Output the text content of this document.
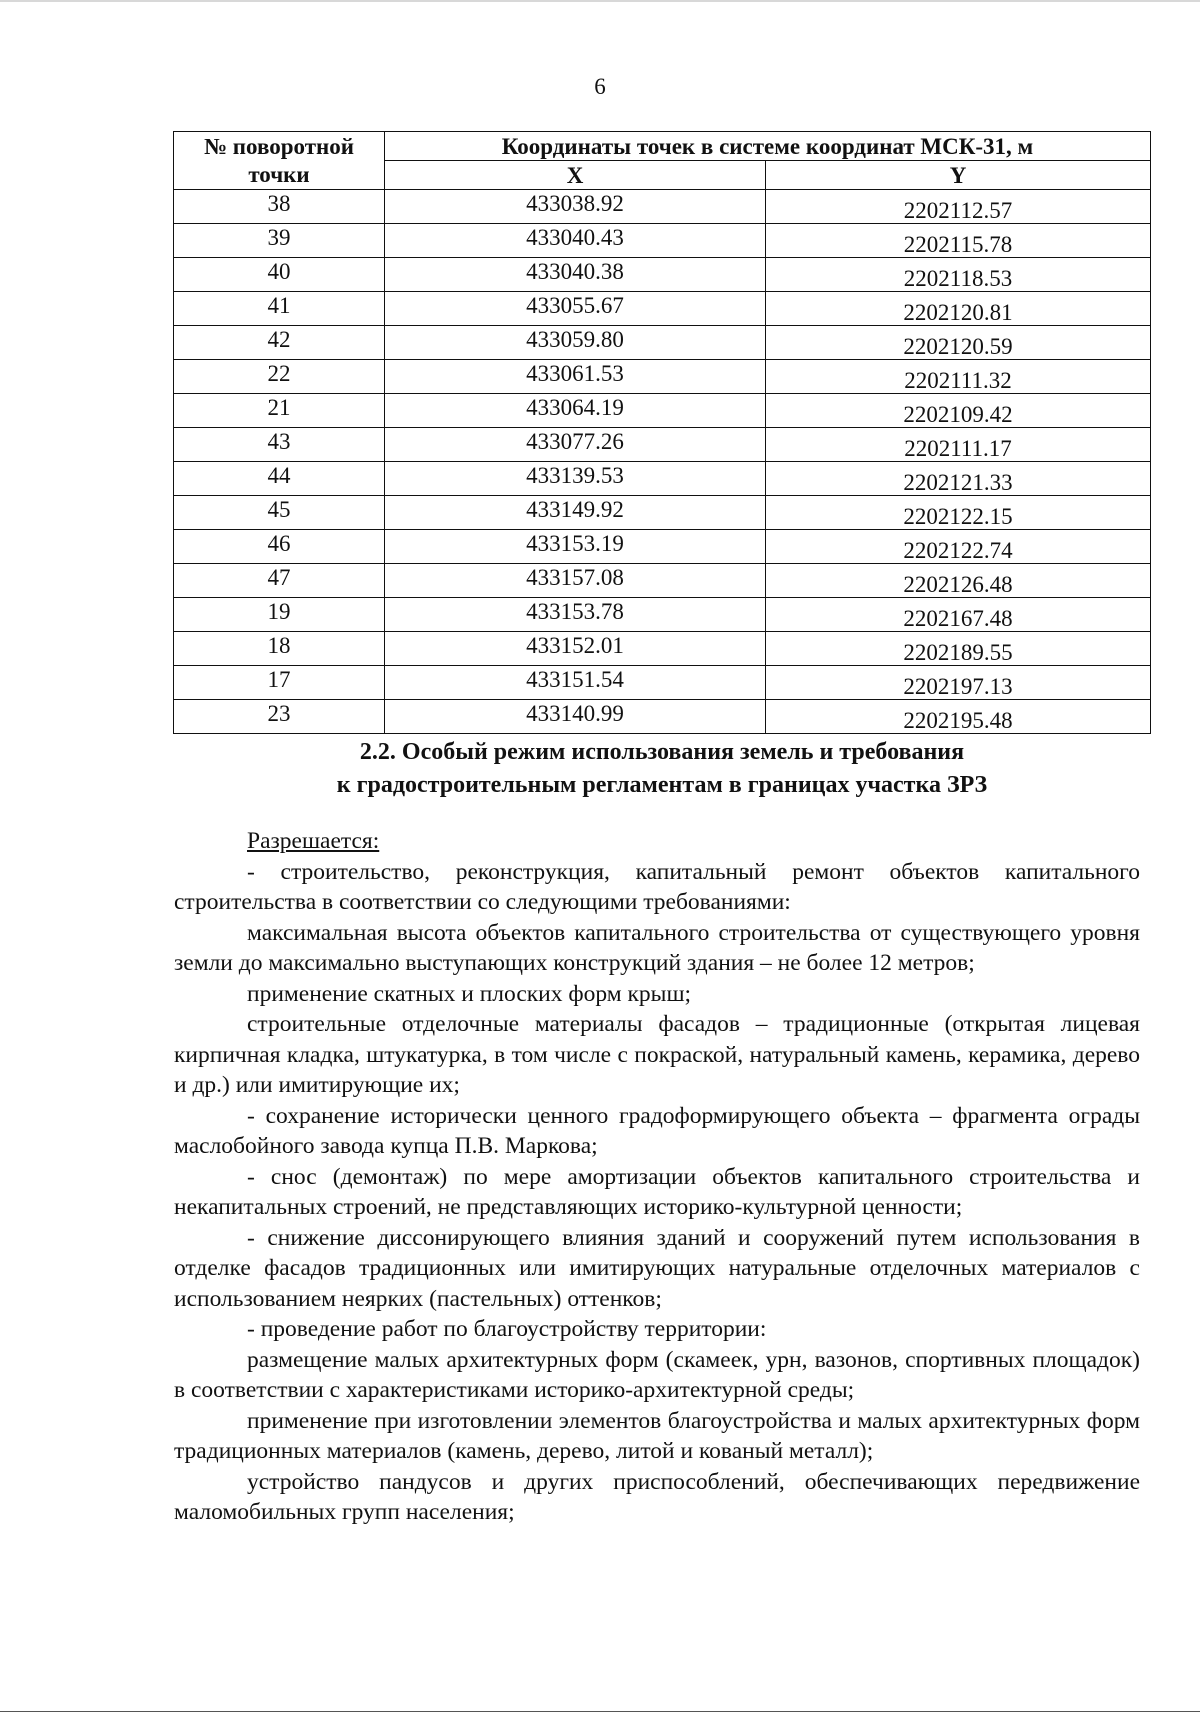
6
№ поворотной точки	Координаты точек в системе координат МСК-31, м	
	X	Y
38	433038.92	2202112.57
39	433040.43	2202115.78
40	433040.38	2202118.53
41	433055.67	2202120.81
42	433059.80	2202120.59
22	433061.53	2202111.32
21	433064.19	2202109.42
43	433077.26	2202111.17
44	433139.53	2202121.33
45	433149.92	2202122.15
46	433153.19	2202122.74
47	433157.08	2202126.48
19	433153.78	2202167.48
18	433152.01	2202189.55
17	433151.54	2202197.13
23	433140.99	2202195.48
2.2. Особый режим использования земель и требования
к градостроительным регламентам в границах участка ЗРЗ

Разрешается:

- строительство, реконструкция, капитальный ремонт объектов капитального строительства в соответствии со следующими требованиями:

максимальная высота объектов капитального строительства от существующего уровня земли до максимально выступающих конструкций здания – не более 12 метров;

применение скатных и плоских форм крыш;

строительные отделочные материалы фасадов – традиционные (открытая лицевая кирпичная кладка, штукатурка, в том числе с покраской, натуральный камень, керамика, дерево и др.) или имитирующие их;

- сохранение исторически ценного градоформирующего объекта – фрагмента ограды маслобойного завода купца П.В. Маркова;

- снос (демонтаж) по мере амортизации объектов капитального строительства и некапитальных строений, не представляющих историко-культурной ценности;

- снижение диссонирующего влияния зданий и сооружений путем использования в отделке фасадов традиционных или имитирующих натуральные отделочных материалов с использованием неярких (пастельных) оттенков;

- проведение работ по благоустройству территории:

размещение малых архитектурных форм (скамеек, урн, вазонов, спортивных площадок) в соответствии с характеристиками историко-архитектурной среды;

применение при изготовлении элементов благоустройства и малых архитектурных форм традиционных материалов (камень, дерево, литой и кованый металл);

устройство пандусов и других приспособлений, обеспечивающих передвижение маломобильных групп населения;
